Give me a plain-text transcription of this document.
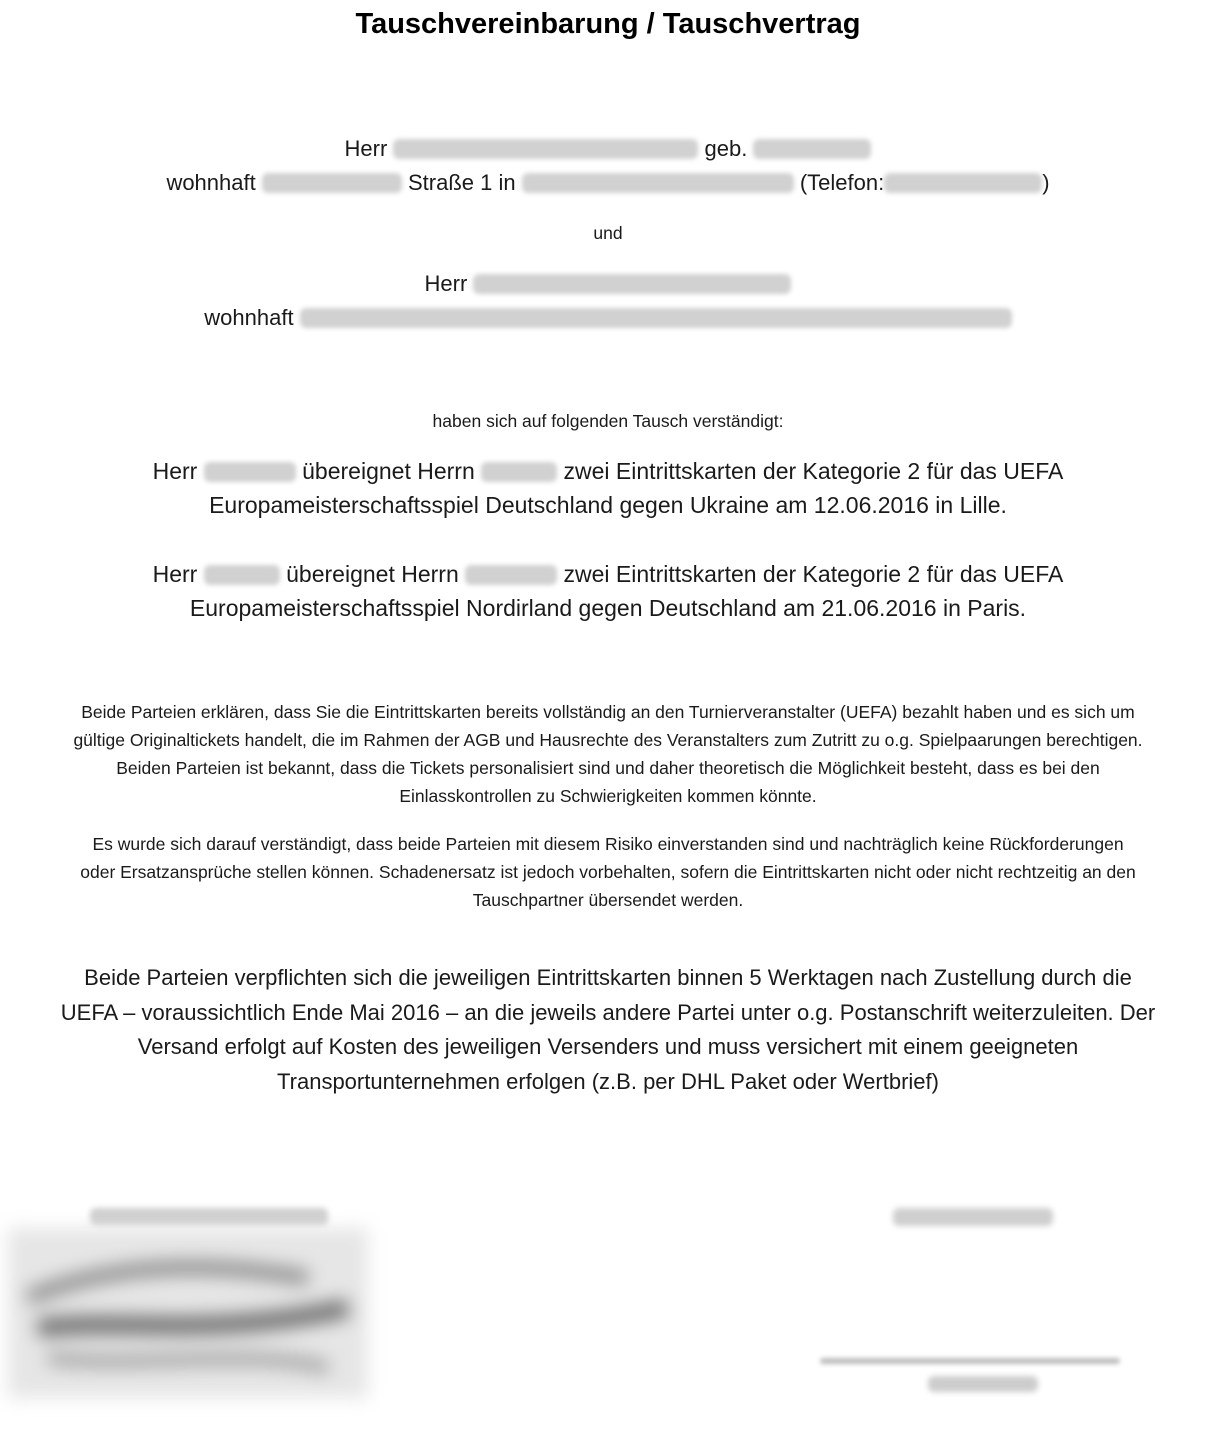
Tauschvereinbarung / Tauschvertrag
Herr	geb.
wohnhaft	Straße 1 in	(Telefon:	)
und
Herr
wohnhaft
haben sich auf folgenden Tausch verständigt:
Herr	übereignet Herrn	zwei Eintrittskarten der Kategorie 2 für das UEFA
Europameisterschaftsspiel Deutschland gegen Ukraine am 12.06.2016 in Lille.
Herr	übereignet Herrn	zwei Eintrittskarten der Kategorie 2 für das UEFA
Europameisterschaftsspiel Nordirland gegen Deutschland am 21.06.2016 in Paris.
Beide Parteien erklären, dass Sie die Eintrittskarten bereits vollständig an den Turnierveranstalter (UEFA) bezahlt haben und es sich um gültige Originaltickets handelt, die im Rahmen der AGB und Hausrechte des Veranstalters zum Zutritt zu o.g. Spielpaarungen berechtigen. Beiden Parteien ist bekannt, dass die Tickets personalisiert sind und daher theoretisch die Möglichkeit besteht, dass es bei den Einlasskontrollen zu Schwierigkeiten kommen könnte.
Es wurde sich darauf verständigt, dass beide Parteien mit diesem Risiko einverstanden sind und nachträglich keine Rückforderungen oder Ersatzansprüche stellen können. Schadenersatz ist jedoch vorbehalten, sofern die Eintrittskarten nicht oder nicht rechtzeitig an den Tauschpartner übersendet werden.
Beide Parteien verpflichten sich die jeweiligen Eintrittskarten binnen 5 Werktagen nach Zustellung durch die UEFA – voraussichtlich Ende Mai 2016 – an die jeweils andere Partei unter o.g. Postanschrift weiterzuleiten. Der Versand erfolgt auf Kosten des jeweiligen Versenders und muss versichert mit einem geeigneten Transportunternehmen erfolgen (z.B. per DHL Paket oder Wertbrief)
